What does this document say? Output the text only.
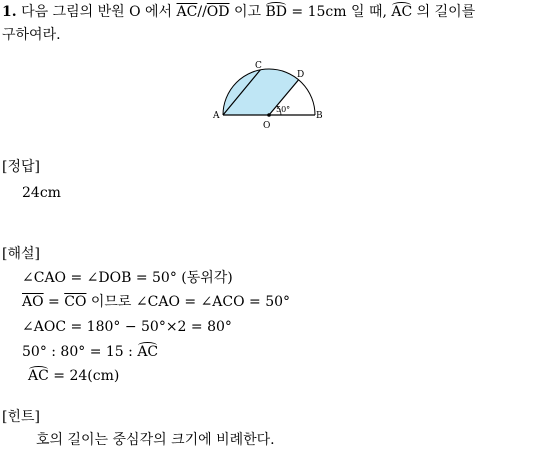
1. 다음 그림의 반원 O 에서 $\overline{AC}//\overline{OD}$ 이고 BD = 15cm 일 때, AC 의 길이를
구하여라.
50°
A	B
C
D
O
[정답]
24cm
[해설]
∠CAO = ∠DOB = 50° (동위각)
$\overline{AO} = \overline{CO}$ 이므로 ∠CAO = ∠ACO = 50°
∠AOC = 180° − 50°×2 = 80°
50° : 80° = 15 : AC
AC = 24(cm)
[힌트]
호의 길이는 중심각의 크기에 비례한다.
